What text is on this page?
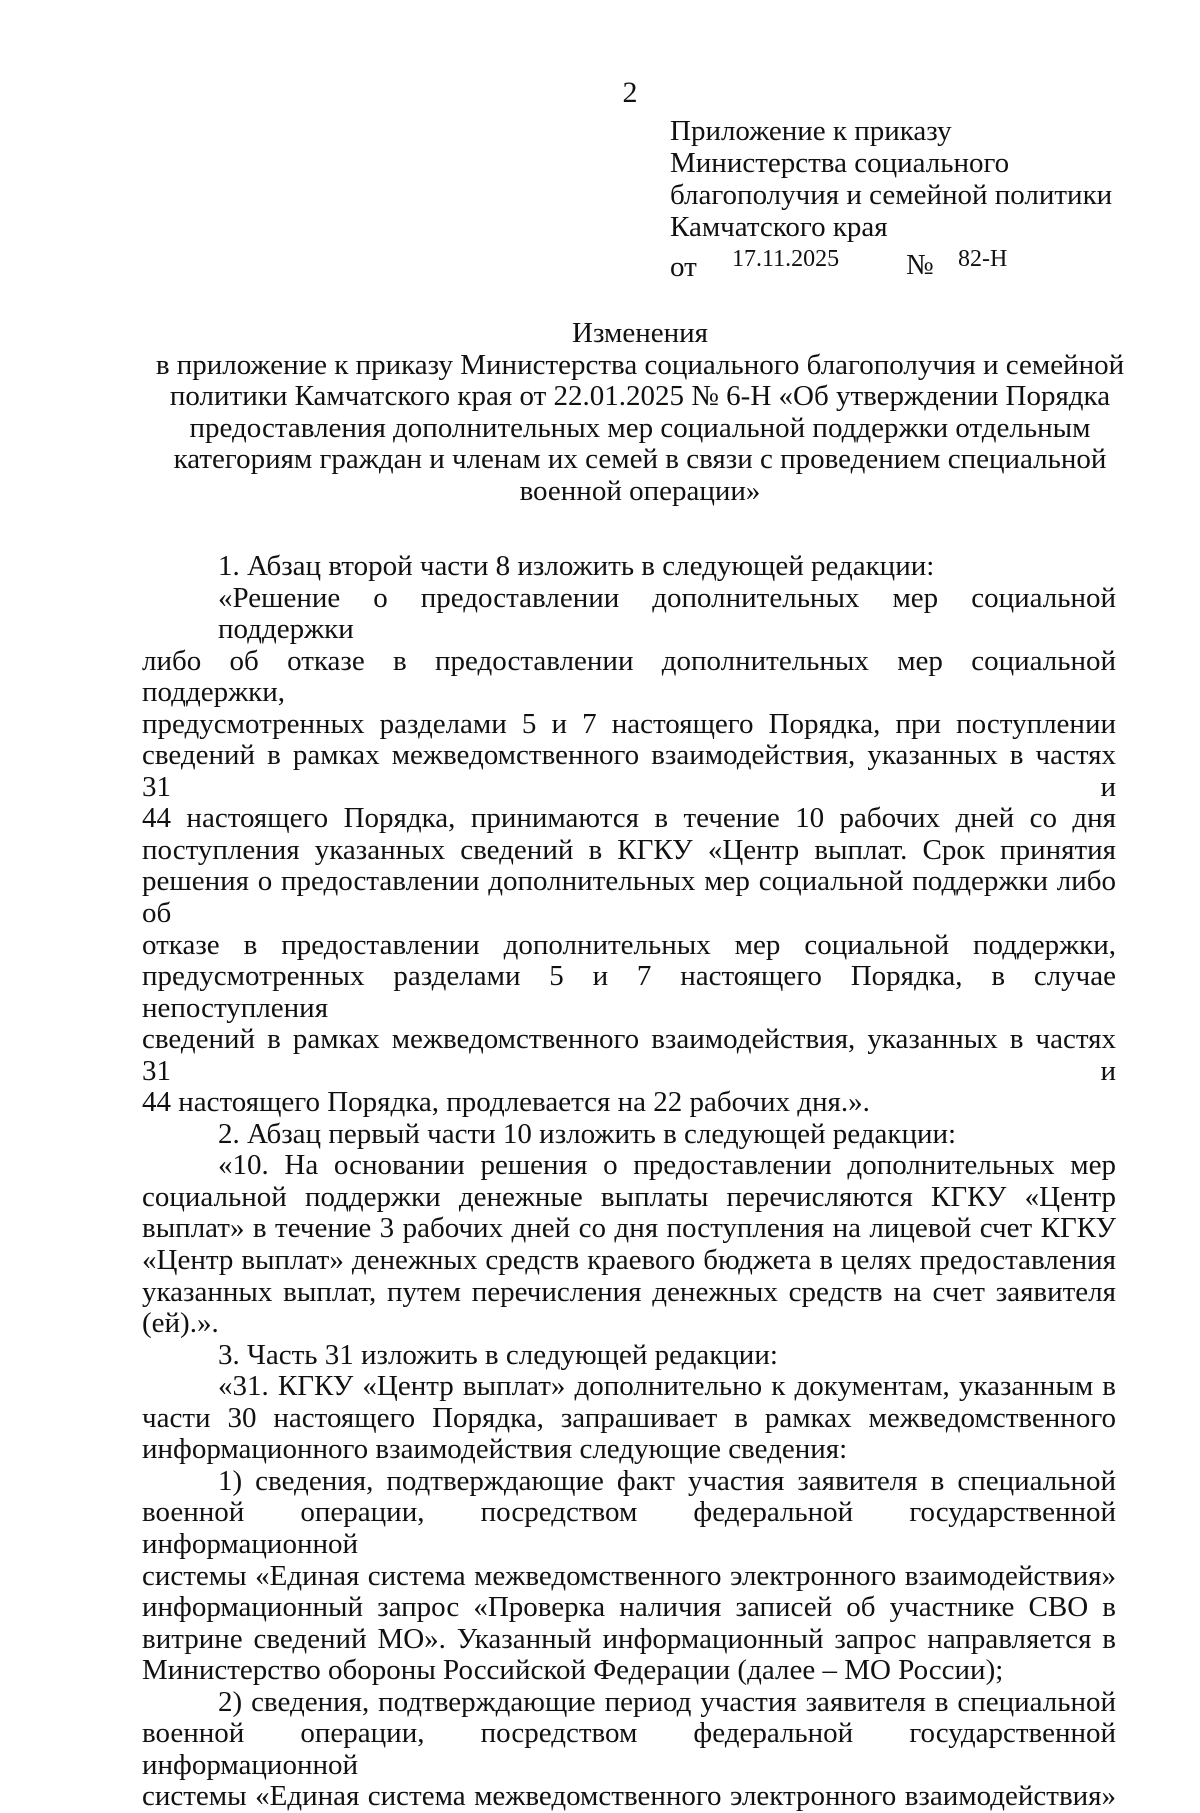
2
Приложение к приказу
Министерства социального
благополучия и семейной политики
Камчатского края
от 17.11.2025 № 82-Н
Изменения
в приложение к приказу Министерства социального благополучия и семейной
политики Камчатского края от 22.01.2025 № 6-Н «Об утверждении Порядка
предоставления дополнительных мер социальной поддержки отдельным
категориям граждан и членам их семей в связи с проведением специальной
военной операции»
1. Абзац второй части 8 изложить в следующей редакции:
«Решение о предоставлении дополнительных мер социальной поддержки
либо об отказе в предоставлении дополнительных мер социальной поддержки,
предусмотренных разделами 5 и 7 настоящего Порядка, при поступлении
сведений в рамках межведомственного взаимодействия, указанных в частях 31 и
44 настоящего Порядка, принимаются в течение 10 рабочих дней со дня
поступления указанных сведений в КГКУ «Центр выплат. Срок принятия
решения о предоставлении дополнительных мер социальной поддержки либо об
отказе в предоставлении дополнительных мер социальной поддержки,
предусмотренных разделами 5 и 7 настоящего Порядка, в случае непоступления
сведений в рамках межведомственного взаимодействия, указанных в частях 31 и
44 настоящего Порядка, продлевается на 22 рабочих дня.».
2. Абзац первый части 10 изложить в следующей редакции:
«10. На основании решения о предоставлении дополнительных мер
социальной поддержки денежные выплаты перечисляются КГКУ «Центр
выплат» в течение 3 рабочих дней со дня поступления на лицевой счет КГКУ
«Центр выплат» денежных средств краевого бюджета в целях предоставления
указанных выплат, путем перечисления денежных средств на счет заявителя
(ей).».
3. Часть 31 изложить в следующей редакции:
«31. КГКУ «Центр выплат» дополнительно к документам, указанным в
части 30 настоящего Порядка, запрашивает в рамках межведомственного
информационного взаимодействия следующие сведения:
1) сведения, подтверждающие факт участия заявителя в специальной
военной операции, посредством федеральной государственной информационной
системы «Единая система межведомственного электронного взаимодействия»
информационный запрос «Проверка наличия записей об участнике СВО в
витрине сведений МО». Указанный информационный запрос направляется в
Министерство обороны Российской Федерации (далее – МО России);
2) сведения, подтверждающие период участия заявителя в специальной
военной операции, посредством федеральной государственной информационной
системы «Единая система межведомственного электронного взаимодействия»
